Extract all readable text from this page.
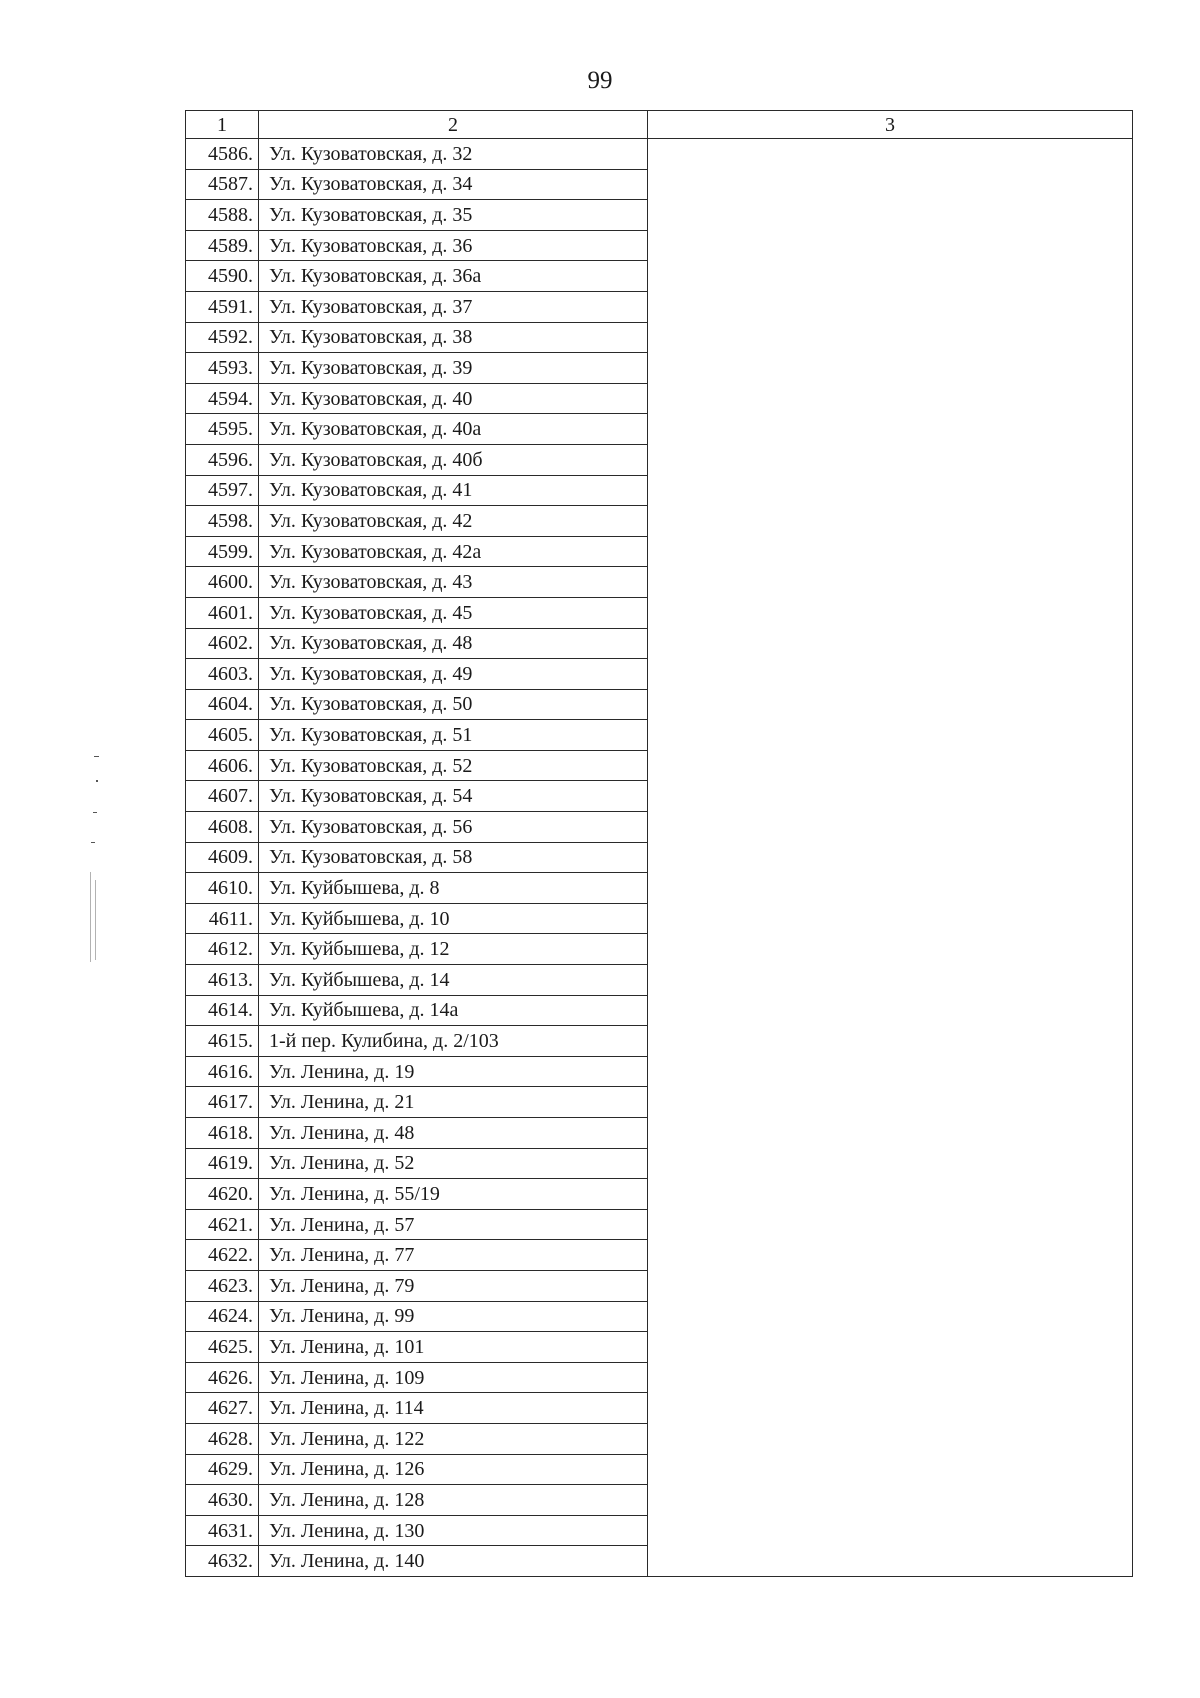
99
1	2	3
4586.	Ул. Кузоватовская, д. 32	
4587.	Ул. Кузоватовская, д. 34	
4588.	Ул. Кузоватовская, д. 35	
4589.	Ул. Кузоватовская, д. 36	
4590.	Ул. Кузоватовская, д. 36а	
4591.	Ул. Кузоватовская, д. 37	
4592.	Ул. Кузоватовская, д. 38	
4593.	Ул. Кузоватовская, д. 39	
4594.	Ул. Кузоватовская, д. 40	
4595.	Ул. Кузоватовская, д. 40а	
4596.	Ул. Кузоватовская, д. 40б	
4597.	Ул. Кузоватовская, д. 41	
4598.	Ул. Кузоватовская, д. 42	
4599.	Ул. Кузоватовская, д. 42а	
4600.	Ул. Кузоватовская, д. 43	
4601.	Ул. Кузоватовская, д. 45	
4602.	Ул. Кузоватовская, д. 48	
4603.	Ул. Кузоватовская, д. 49	
4604.	Ул. Кузоватовская, д. 50	
4605.	Ул. Кузоватовская, д. 51	
4606.	Ул. Кузоватовская, д. 52	
4607.	Ул. Кузоватовская, д. 54	
4608.	Ул. Кузоватовская, д. 56	
4609.	Ул. Кузоватовская, д. 58	
4610.	Ул. Куйбышева, д. 8	
4611.	Ул. Куйбышева, д. 10	
4612.	Ул. Куйбышева, д. 12	
4613.	Ул. Куйбышева, д. 14	
4614.	Ул. Куйбышева, д. 14а	
4615.	1-й пер. Кулибина, д. 2/103	
4616.	Ул. Ленина, д. 19	
4617.	Ул. Ленина, д. 21	
4618.	Ул. Ленина, д. 48	
4619.	Ул. Ленина, д. 52	
4620.	Ул. Ленина, д. 55/19	
4621.	Ул. Ленина, д. 57	
4622.	Ул. Ленина, д. 77	
4623.	Ул. Ленина, д. 79	
4624.	Ул. Ленина, д. 99	
4625.	Ул. Ленина, д. 101	
4626.	Ул. Ленина, д. 109	
4627.	Ул. Ленина, д. 114	
4628.	Ул. Ленина, д. 122	
4629.	Ул. Ленина, д. 126	
4630.	Ул. Ленина, д. 128	
4631.	Ул. Ленина, д. 130	
4632.	Ул. Ленина, д. 140	
